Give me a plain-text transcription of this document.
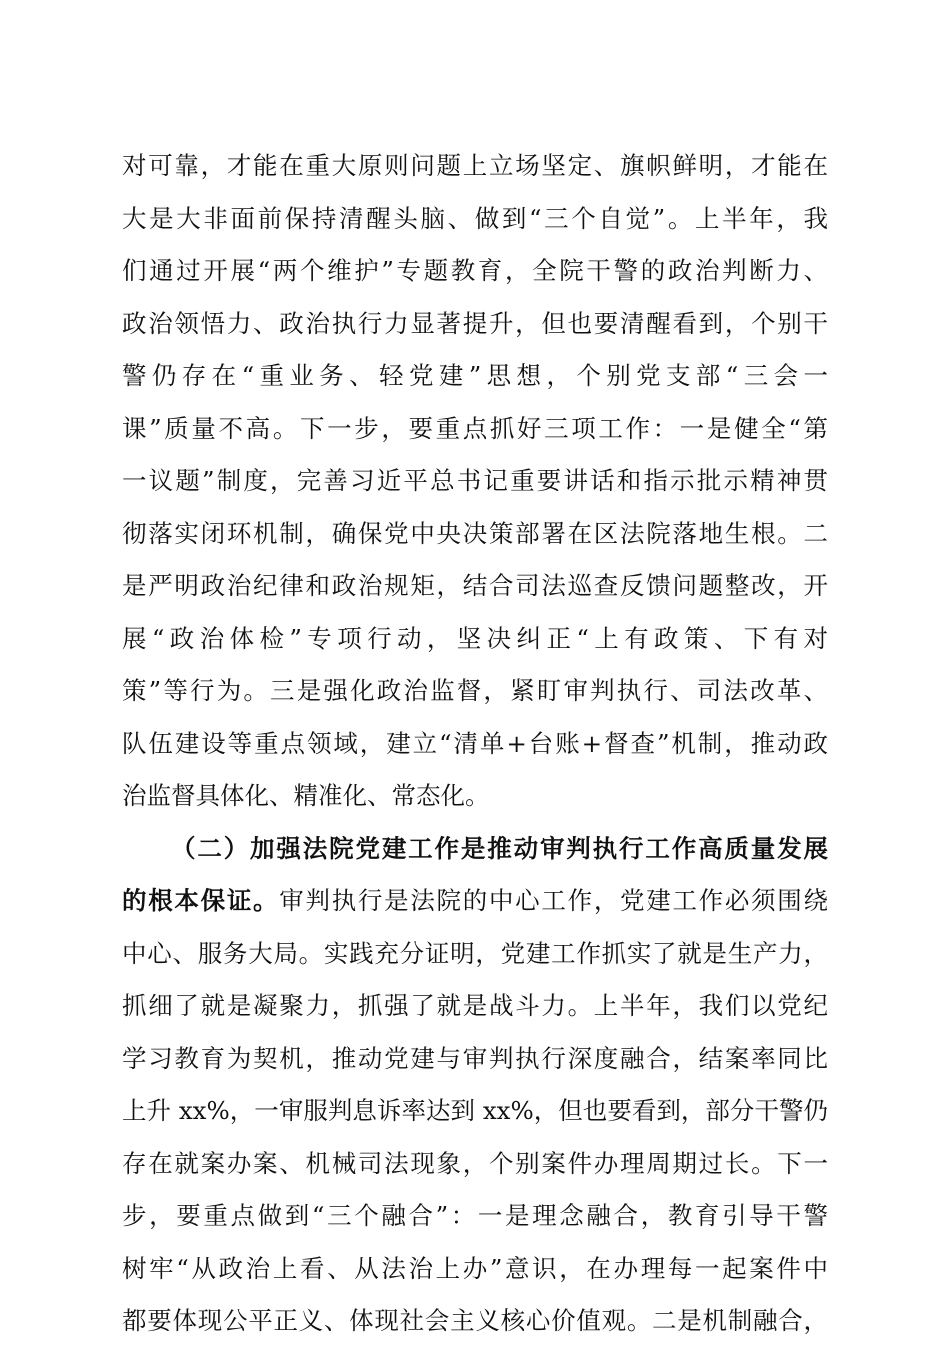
对可靠，才能在重大原则问题上立场坚定、旗帜鲜明，才能在
大是大非面前保持清醒头脑、做到“三个自觉”。上半年，我
们通过开展“两个维护”专题教育，全院干警的政治判断力、
政治领悟力、政治执行力显著提升，但也要清醒看到，个别干
警仍存在“重业务、轻党建”思想，个别党支部“三会一
课”质量不高。下一步，要重点抓好三项工作：一是健全“第
一议题”制度，完善习近平总书记重要讲话和指示批示精神贯
彻落实闭环机制，确保党中央决策部署在区法院落地生根。二
是严明政治纪律和政治规矩，结合司法巡查反馈问题整改，开
展“政治体检”专项行动，坚决纠正“上有政策、下有对
策”等行为。三是强化政治监督，紧盯审判执行、司法改革、
队伍建设等重点领域，建立“清单+台账+督查”机制，推动政
治监督具体化、精准化、常态化。
（二）加强法院党建工作是推动审判执行工作高质量发展
的根本保证。审判执行是法院的中心工作，党建工作必须围绕
中心、服务大局。实践充分证明，党建工作抓实了就是生产力，
抓细了就是凝聚力，抓强了就是战斗力。上半年，我们以党纪
学习教育为契机，推动党建与审判执行深度融合，结案率同比
上升 xx%，一审服判息诉率达到 xx%，但也要看到，部分干警仍
存在就案办案、机械司法现象，个别案件办理周期过长。下一
步，要重点做到“三个融合”：一是理念融合，教育引导干警
树牢“从政治上看、从法治上办”意识，在办理每一起案件中
都要体现公平正义、体现社会主义核心价值观。二是机制融合，
